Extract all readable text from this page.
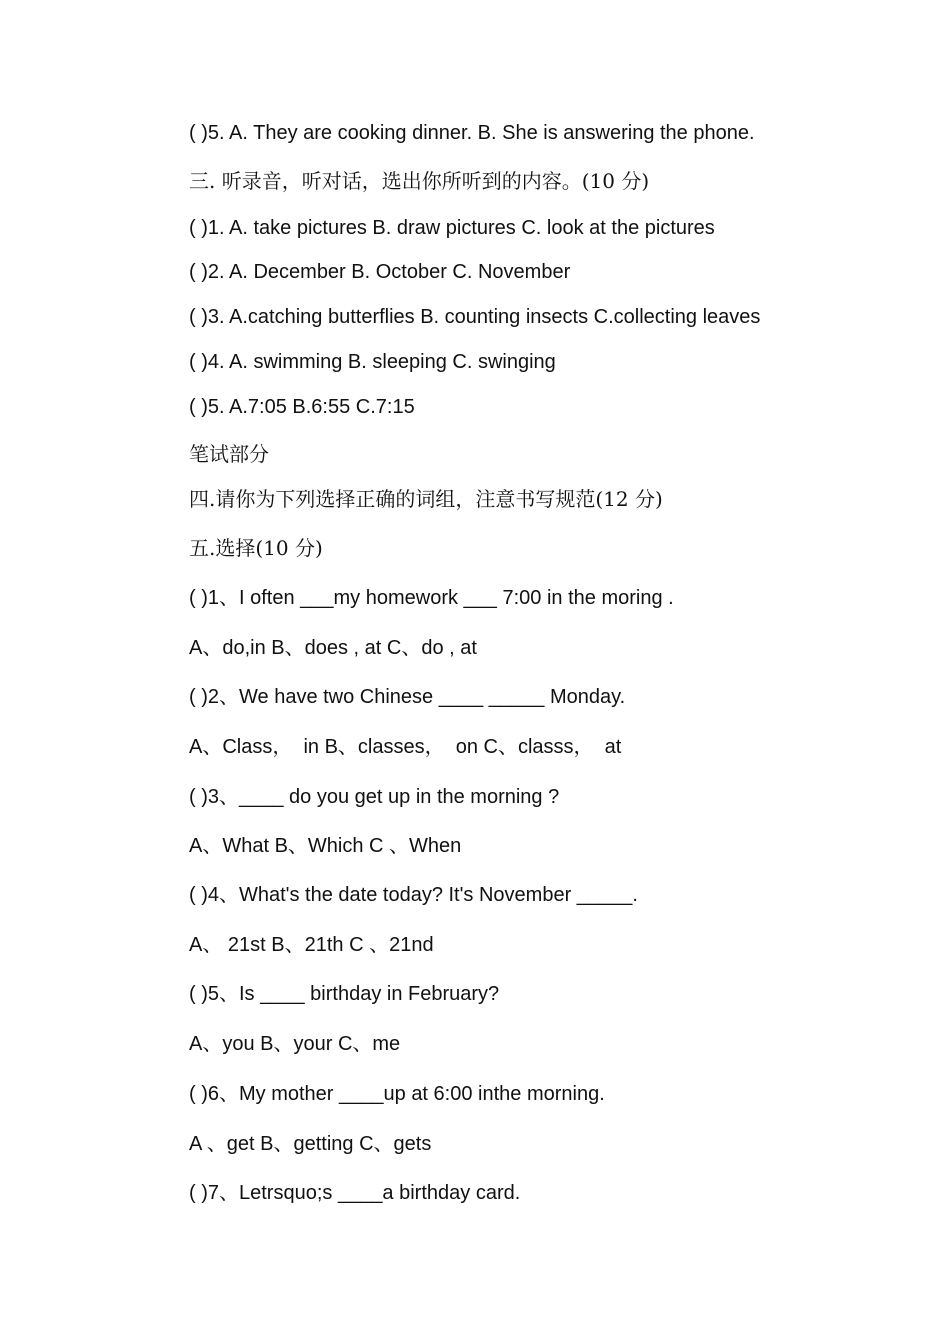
( )5. A. They are cooking dinner. B. She is answering the phone.
三. 听录音，听对话，选出你所听到的内容。(10 分)
( )1. A. take pictures B. draw pictures C. look at the pictures
( )2. A. December B. October C. November
( )3. A.catching butterflies B. counting insects C.collecting leaves
( )4. A. swimming B. sleeping C. swinging
( )5. A.7:05 B.6:55 C.7:15
笔试部分
四.请你为下列选择正确的词组，注意书写规范(12 分)
五.选择(10 分)
( )1、I often ___my homework ___ 7:00 in the moring .
A、do,in B、does , at C、do , at
( )2、We have two Chinese ____ _____ Monday.
A、Class，  in B、classes，  on C、classs，  at
( )3、____ do you get up in the morning ?
A、What B、Which C 、When
( )4、What's the date today? It's November _____.
A、 21st B、21th C 、21nd
( )5、Is ____ birthday in February?
A、you B、your C、me
( )6、My mother ____up at 6:00 inthe morning.
A 、get B、getting C、gets
( )7、Letrsquo;s ____a birthday card.
